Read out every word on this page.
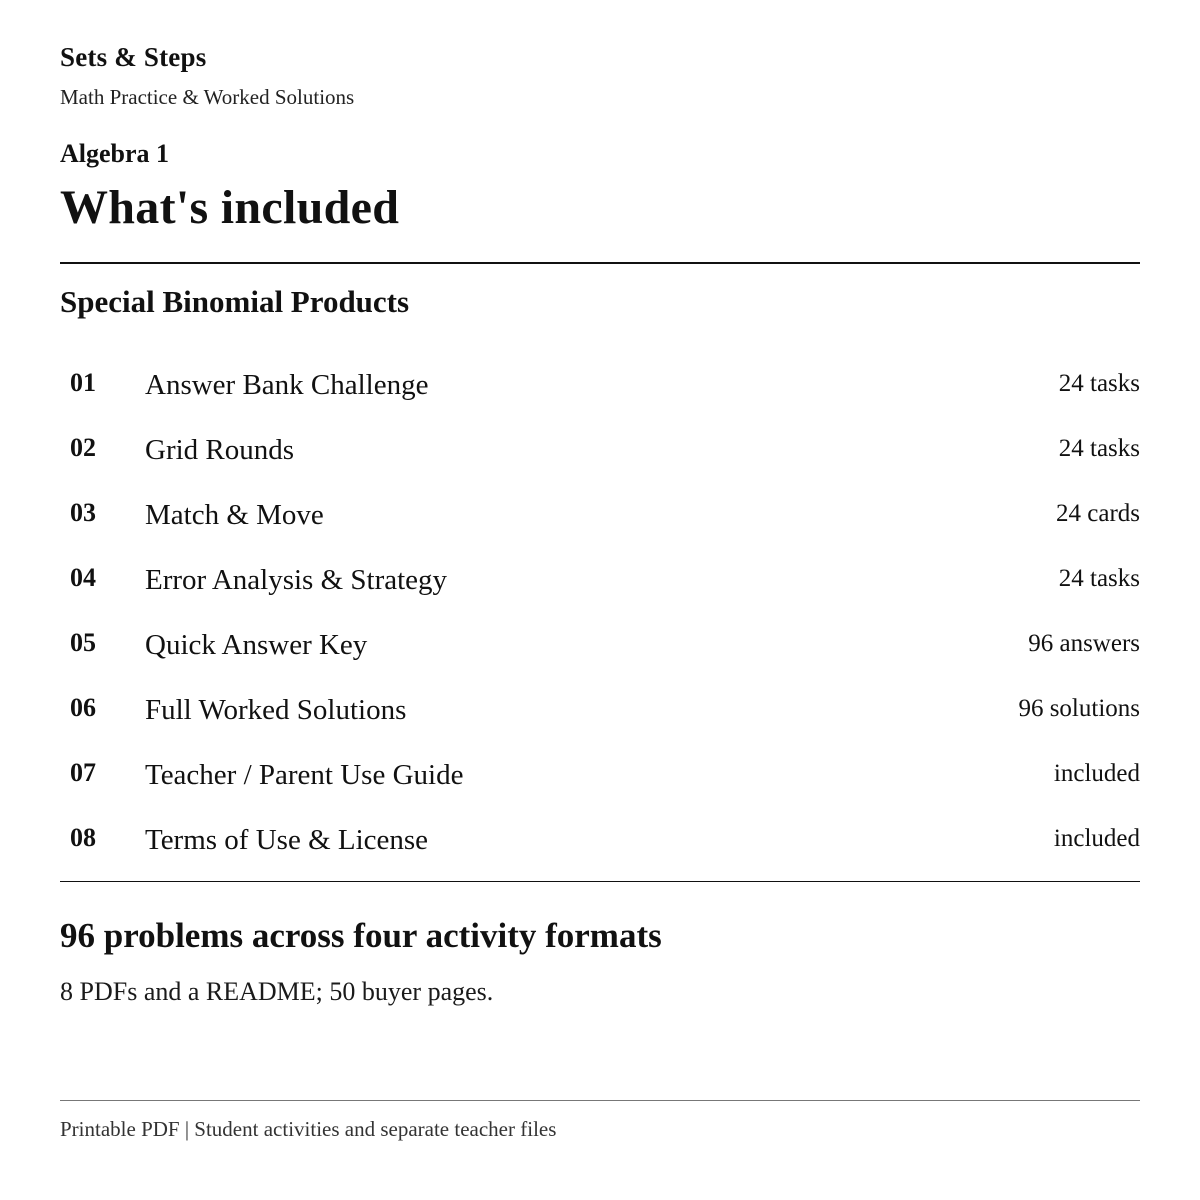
Sets & Steps
Math Practice & Worked Solutions
Algebra 1
What's included
Special Binomial Products
01 Answer Bank Challenge	24 tasks
02 Grid Rounds	24 tasks
03 Match & Move	24 cards
04 Error Analysis & Strategy	24 tasks
05 Quick Answer Key	96 answers
06 Full Worked Solutions	96 solutions
07 Teacher / Parent Use Guide	included
08 Terms of Use & License	included
96 problems across four activity formats
8 PDFs and a README; 50 buyer pages.
Printable PDF | Student activities and separate teacher files
